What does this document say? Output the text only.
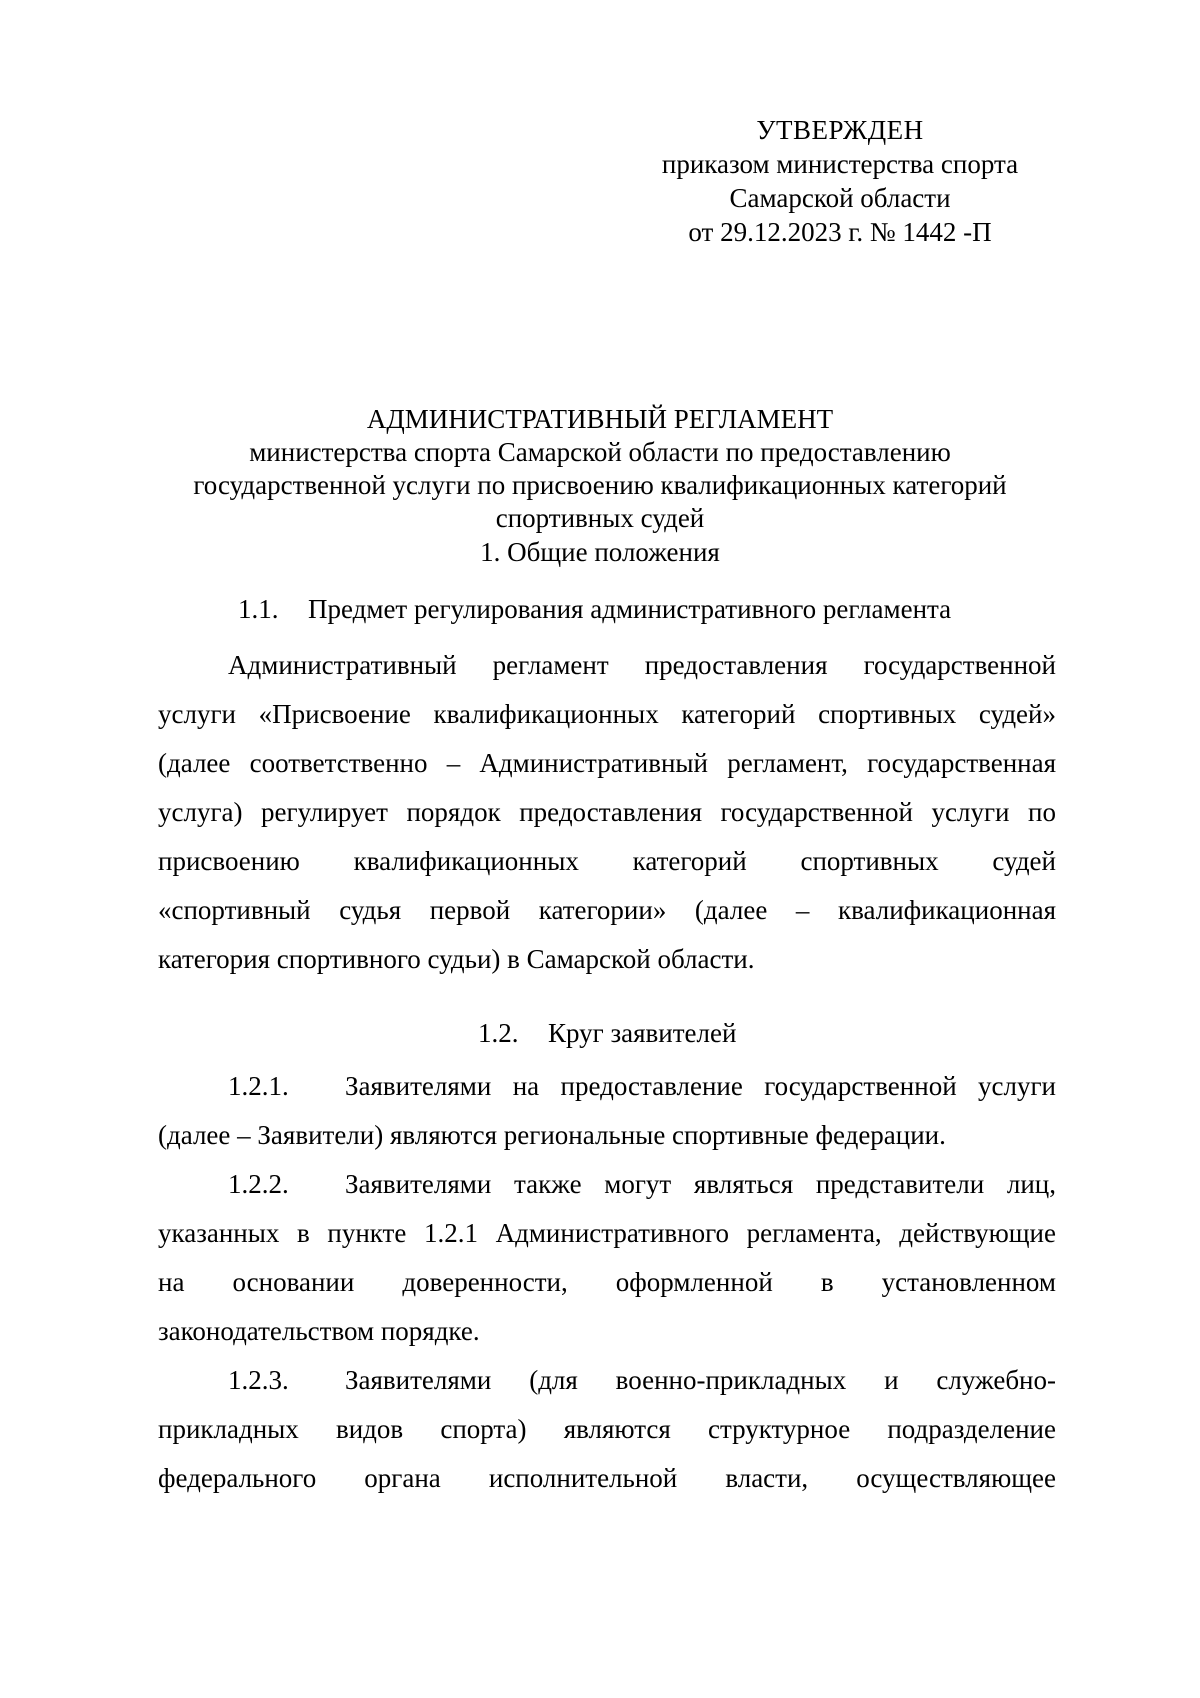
УТВЕРЖДЕН
приказом министерства спорта
Самарской области
от 29.12.2023 г. № 1442 -П
АДМИНИСТРАТИВНЫЙ РЕГЛАМЕНТ
министерства спорта Самарской области по предоставлению
государственной услуги по присвоению квалификационных категорий
спортивных судей
1. Общие положения
1.1. Предмет регулирования административного регламента
Административный регламент предоставления государственной
услуги «Присвоение квалификационных категорий спортивных судей»
(далее соответственно – Административный регламент, государственная
услуга) регулирует порядок предоставления государственной услуги по
присвоению квалификационных категорий спортивных судей
«спортивный судья первой категории» (далее – квалификационная
категория спортивного судьи) в Самарской области.
1.2. Круг заявителей
1.2.1. Заявителями на предоставление государственной услуги
(далее – Заявители) являются региональные спортивные федерации.
1.2.2. Заявителями также могут являться представители лиц,
указанных в пункте 1.2.1 Административного регламента, действующие
на основании доверенности, оформленной в установленном
законодательством порядке.
1.2.3. Заявителями (для военно-прикладных и служебно-
прикладных видов спорта) являются структурное подразделение
федерального органа исполнительной власти, осуществляющее
